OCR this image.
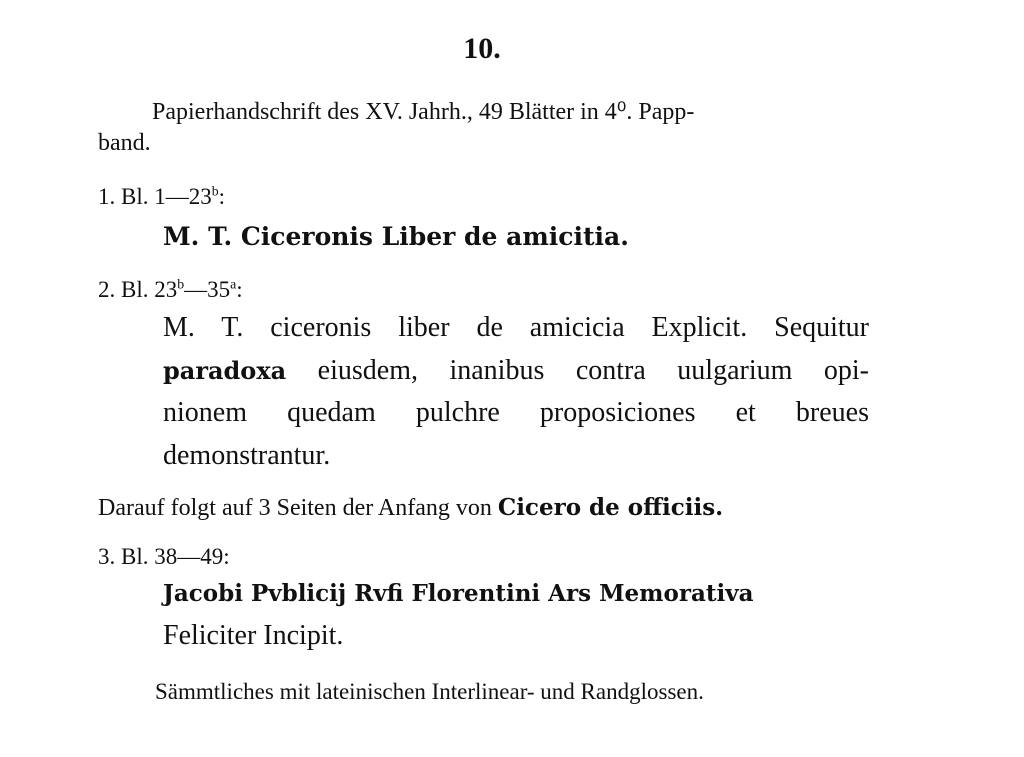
10.
Papierhandschrift des XV. Jahrh., 49 Blätter in 4⁰. Papp-
band.
1. Bl. 1—23$^b$:
M. T. Ciceronis Liber de amicitia.
2. Bl. 23$^b$—35$^a$:
M. T. ciceronis liber de amicicia Explicit. Sequitur
paradoxa eiusdem, inanibus contra uulgarium opi-
nionem quedam pulchre proposiciones et breues
demonstrantur.
Darauf folgt auf 3 Seiten der Anfang von Cicero de officiis.
3. Bl. 38—49:
Jacobi Pvblicij Rvfi Florentini Ars Memorativa
Feliciter Incipit.
Sämmtliches mit lateinischen Interlinear- und Randglossen.
